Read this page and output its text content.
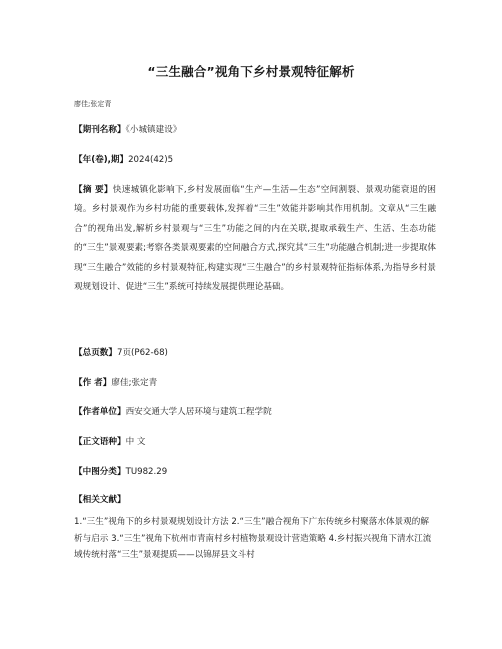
“三生融合”视角下乡村景观特征解析
廖佳;张定青
【期刊名称】《小城镇建设》
【年(卷),期】2024(42)5
【摘 要】快速城镇化影响下,乡村发展面临“生产—生活—生态”空间割裂、景观功能衰退的困境。乡村景观作为乡村功能的重要载体,发挥着“三生”效能并影响其作用机制。文章从“三生融合”的视角出发,解析乡村景观与“三生”功能之间的内在关联,提取承载生产、生活、生态功能的“三生”景观要素;考察各类景观要素的空间融合方式,探究其“三生”功能融合机制;进一步提取体现“三生融合”效能的乡村景观特征,构建实现“三生融合”的乡村景观特征指标体系,为指导乡村景观规划设计、促进“三生”系统可持续发展提供理论基础。
【总页数】7页(P62-68)
【作 者】廖佳;张定青
【作者单位】西安交通大学人居环境与建筑工程学院
【正文语种】中 文
【中图分类】TU982.29
【相关文献】
1.“三生”视角下的乡村景观规划设计方法 2.“三生”融合视角下广东传统乡村聚落水体景观的解析与启示 3.“三生”视角下杭州市青南村乡村植物景观设计营造策略 4.乡村振兴视角下清水江流域传统村落“三生”景观提质——以锦屏县文斗村
